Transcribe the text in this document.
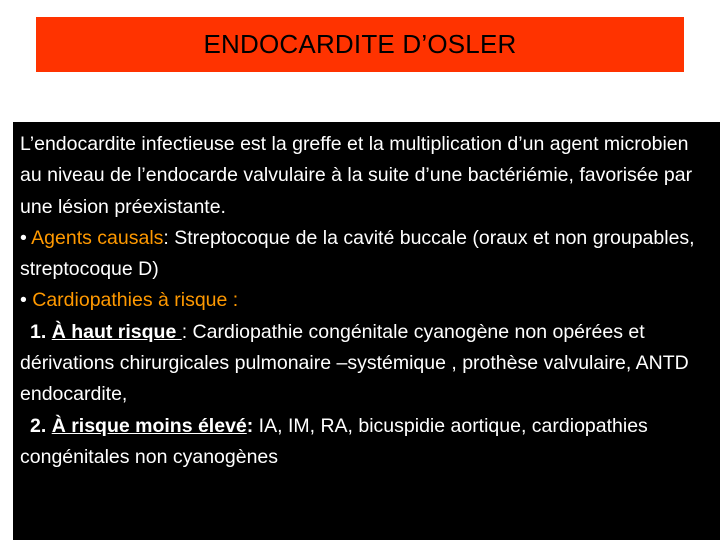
ENDOCARDITE D’OSLER

L’endocardite infectieuse est la greffe et la multiplication d’un agent microbien au niveau de l’endocarde valvulaire à la suite d’une bactériémie, favorisée par une lésion préexistante.

• Agents causals: Streptocoque de la cavité buccale (oraux et non groupables, streptocoque D)

• Cardiopathies à risque :

1. À haut risque : Cardiopathie congénitale cyanogène non opérées et dérivations chirurgicales pulmonaire –systémique , prothèse valvulaire, ANTD endocardite,

2. À risque moins élevé: IA, IM, RA, bicuspidie aortique, cardiopathies congénitales non cyanogènes
